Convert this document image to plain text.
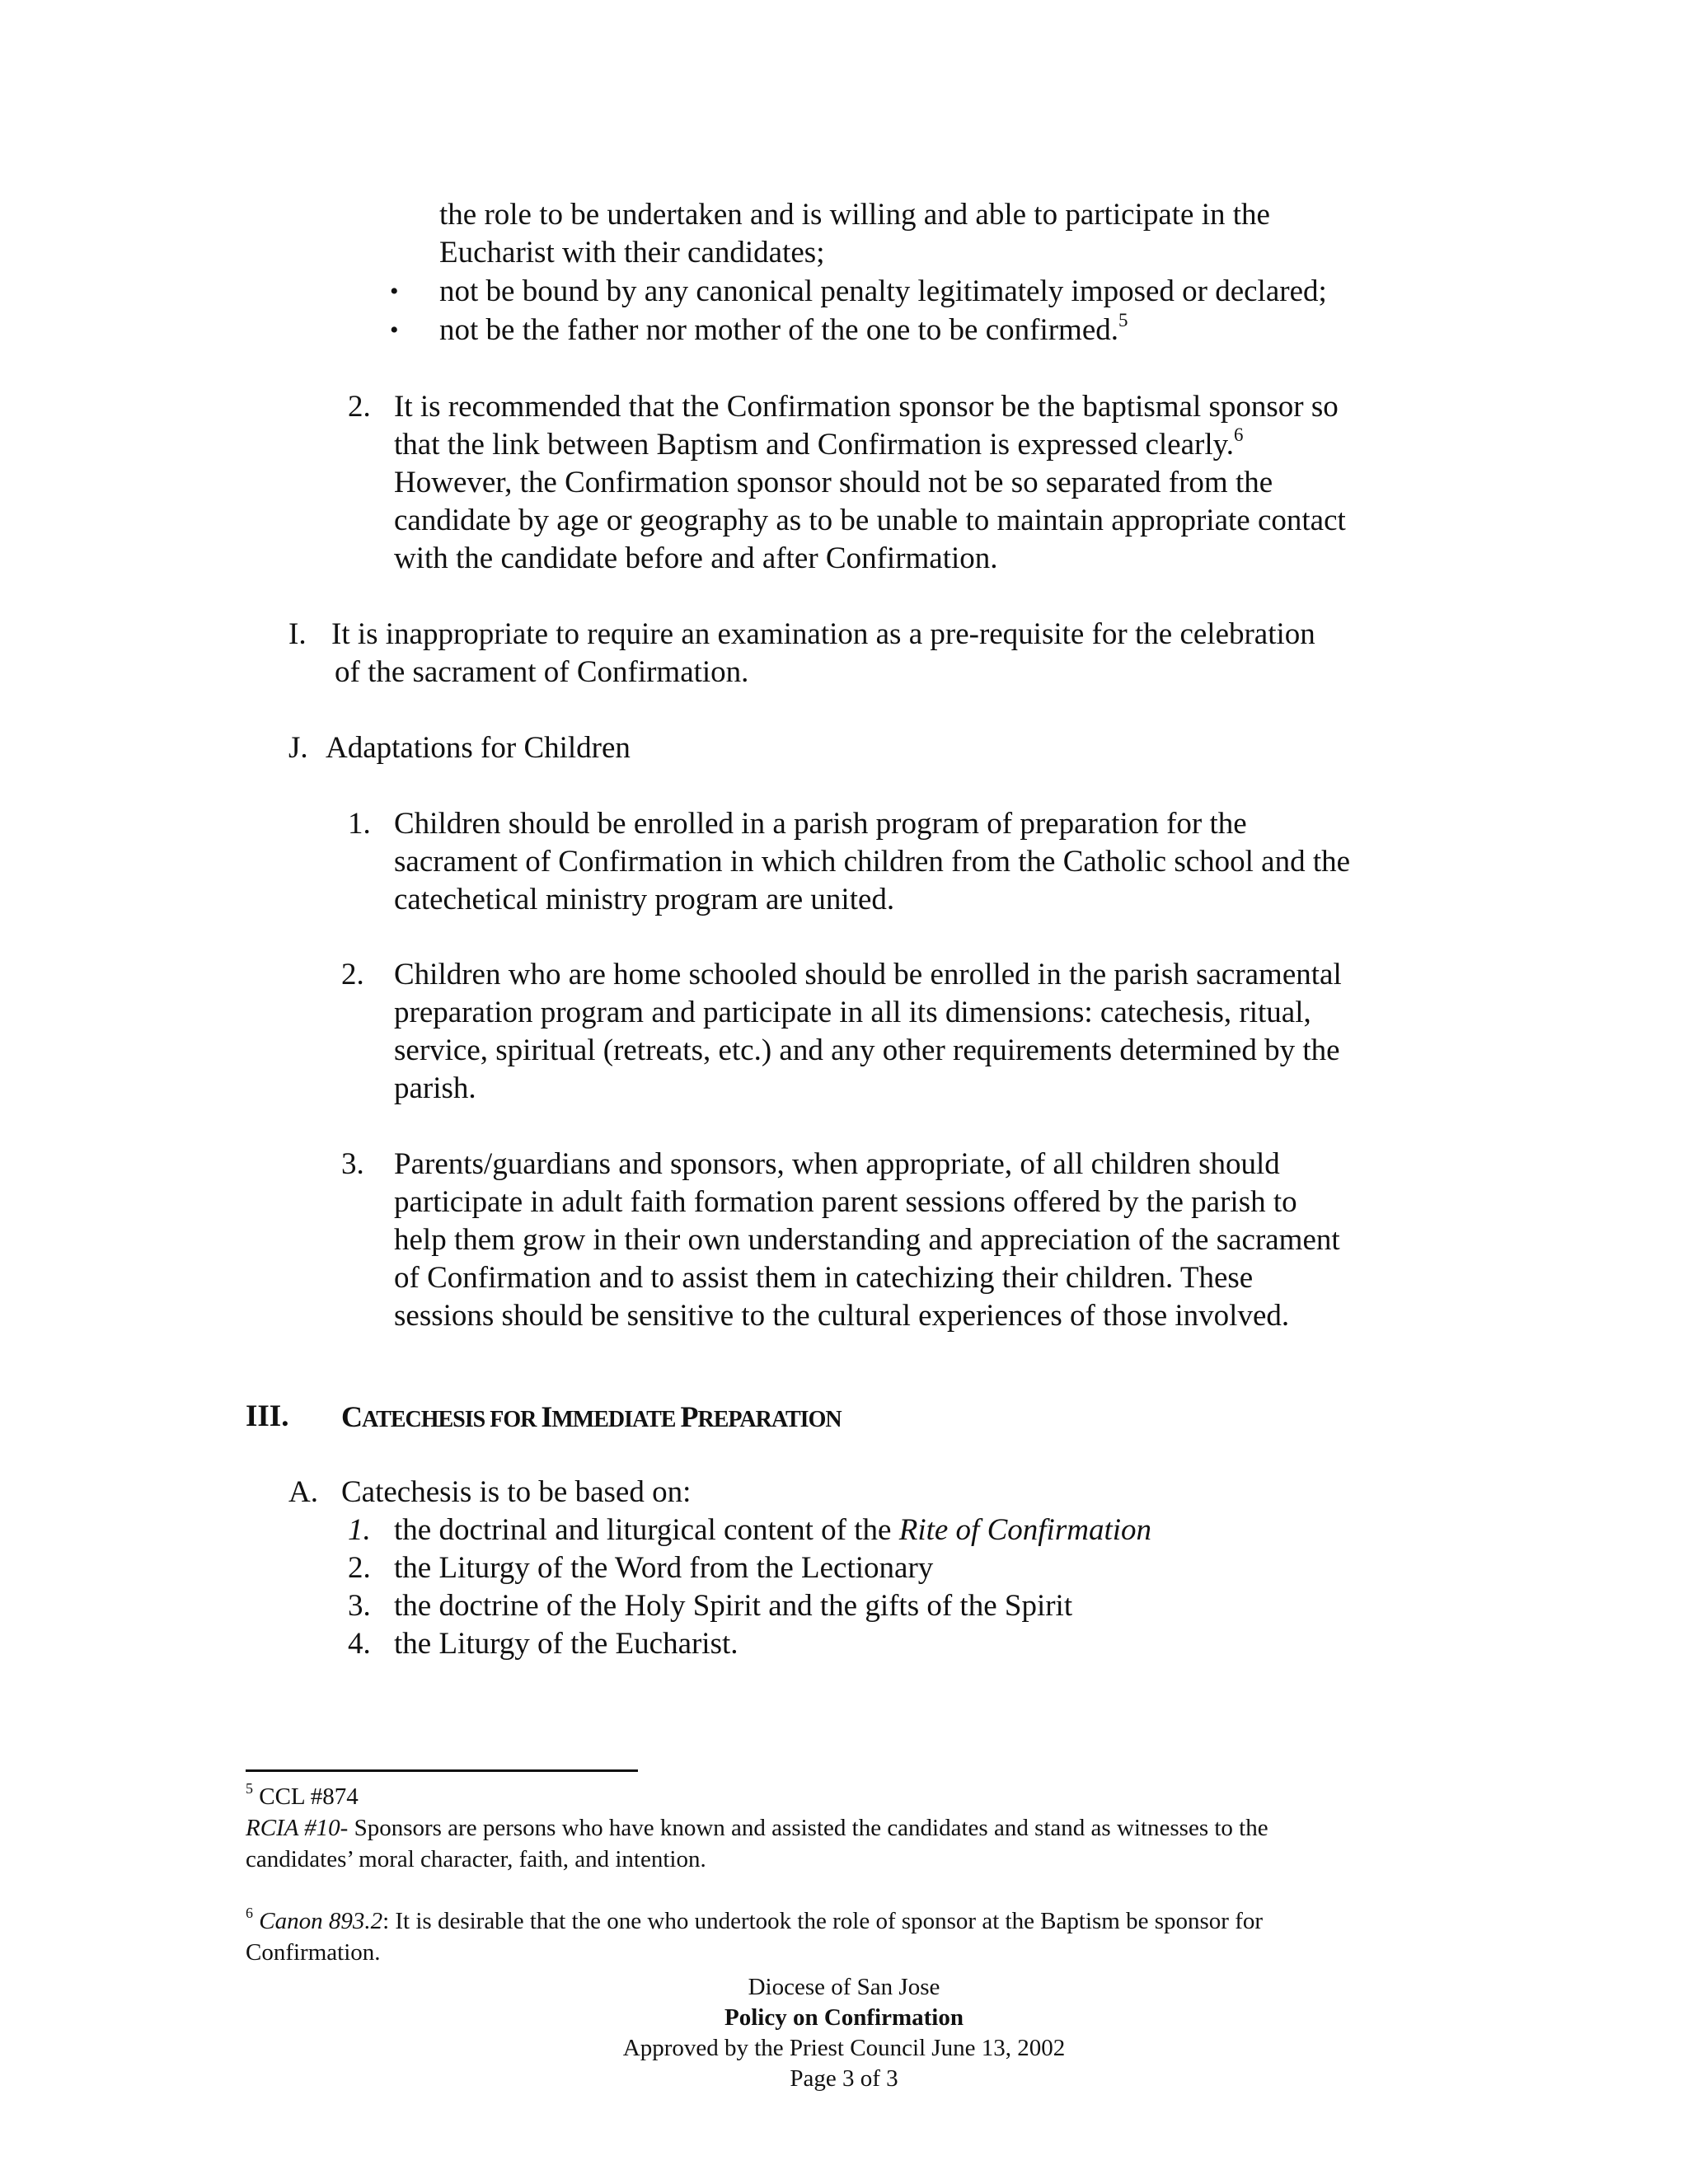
the role to be undertaken and is willing and able to participate in the
Eucharist with their candidates;
• not be bound by any canonical penalty legitimately imposed or declared;
• not be the father nor mother of the one to be confirmed.$^5$
2. It is recommended that the Confirmation sponsor be the baptismal sponsor so
that the link between Baptism and Confirmation is expressed clearly.$^6$
However, the Confirmation sponsor should not be so separated from the
candidate by age or geography as to be unable to maintain appropriate contact
with the candidate before and after Confirmation.
I. It is inappropriate to require an examination as a pre-requisite for the celebration
of the sacrament of Confirmation.
J. Adaptations for Children
1. Children should be enrolled in a parish program of preparation for the
sacrament of Confirmation in which children from the Catholic school and the
catechetical ministry program are united.
2. Children who are home schooled should be enrolled in the parish sacramental
preparation program and participate in all its dimensions: catechesis, ritual,
service, spiritual (retreats, etc.) and any other requirements determined by the
parish.
3. Parents/guardians and sponsors, when appropriate, of all children should
participate in adult faith formation parent sessions offered by the parish to
help them grow in their own understanding and appreciation of the sacrament
of Confirmation and to assist them in catechizing their children. These
sessions should be sensitive to the cultural experiences of those involved.
III. CATECHESIS FOR IMMEDIATE PREPARATION
A. Catechesis is to be based on:
1. the doctrinal and liturgical content of the Rite of Confirmation
2. the Liturgy of the Word from the Lectionary
3. the doctrine of the Holy Spirit and the gifts of the Spirit
4. the Liturgy of the Eucharist.
$^5$ CCL #874
RCIA #10- Sponsors are persons who have known and assisted the candidates and stand as witnesses to the
candidates’ moral character, faith, and intention.
$^6$ Canon 893.2: It is desirable that the one who undertook the role of sponsor at the Baptism be sponsor for
Confirmation.
Diocese of San Jose
Policy on Confirmation
Approved by the Priest Council June 13, 2002
Page 3 of 3
